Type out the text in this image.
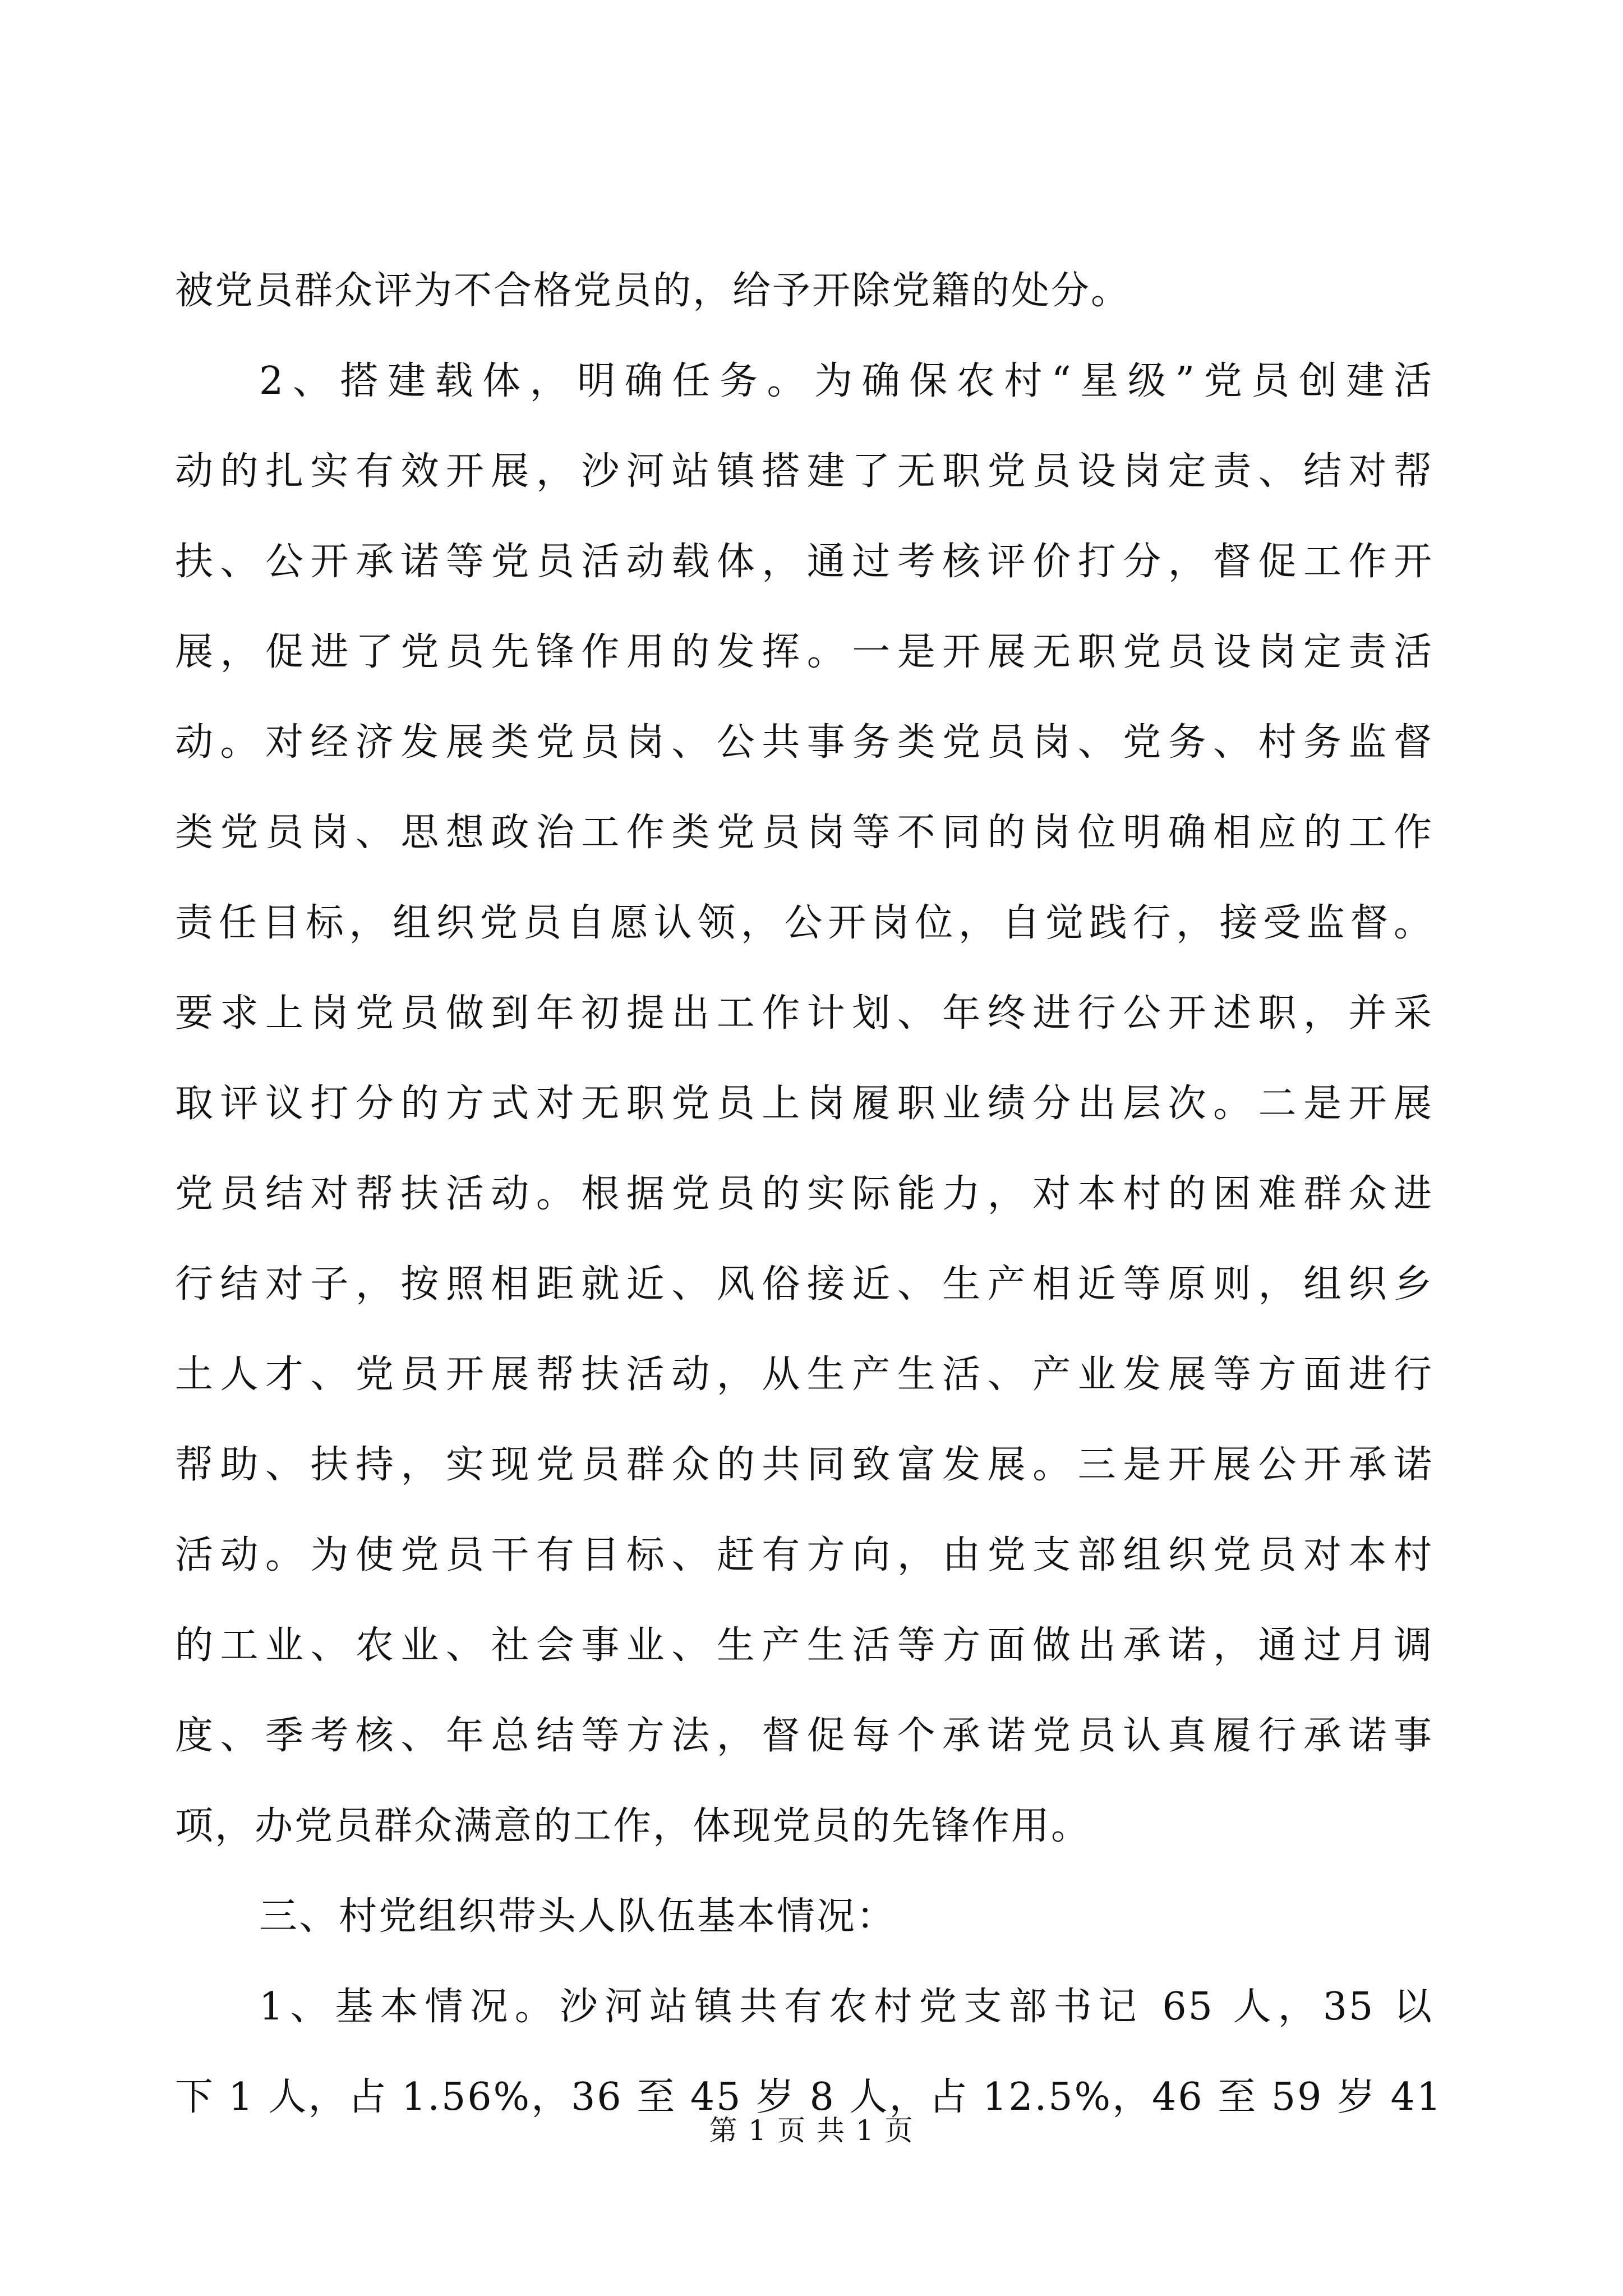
被党员群众评为不合格党员的，给予开除党籍的处分。
2、搭建载体，明确任务。为确保农村“星级”党员创建活
动的扎实有效开展，沙河站镇搭建了无职党员设岗定责、结对帮
扶、公开承诺等党员活动载体，通过考核评价打分，督促工作开
展，促进了党员先锋作用的发挥。一是开展无职党员设岗定责活
动。对经济发展类党员岗、公共事务类党员岗、党务、村务监督
类党员岗、思想政治工作类党员岗等不同的岗位明确相应的工作
责任目标，组织党员自愿认领，公开岗位，自觉践行，接受监督。
要求上岗党员做到年初提出工作计划、年终进行公开述职，并采
取评议打分的方式对无职党员上岗履职业绩分出层次。二是开展
党员结对帮扶活动。根据党员的实际能力，对本村的困难群众进
行结对子，按照相距就近、风俗接近、生产相近等原则，组织乡
土人才、党员开展帮扶活动，从生产生活、产业发展等方面进行
帮助、扶持，实现党员群众的共同致富发展。三是开展公开承诺
活动。为使党员干有目标、赶有方向，由党支部组织党员对本村
的工业、农业、社会事业、生产生活等方面做出承诺，通过月调
度、季考核、年总结等方法，督促每个承诺党员认真履行承诺事
项，办党员群众满意的工作，体现党员的先锋作用。
三、村党组织带头人队伍基本情况：
1、基本情况。沙河站镇共有农村党支部书记 65 人，35 以
下 1 人，占 1.56%，36 至 45 岁 8 人，占 12.5%，46 至 59 岁 41
第 1 页 共 1 页
